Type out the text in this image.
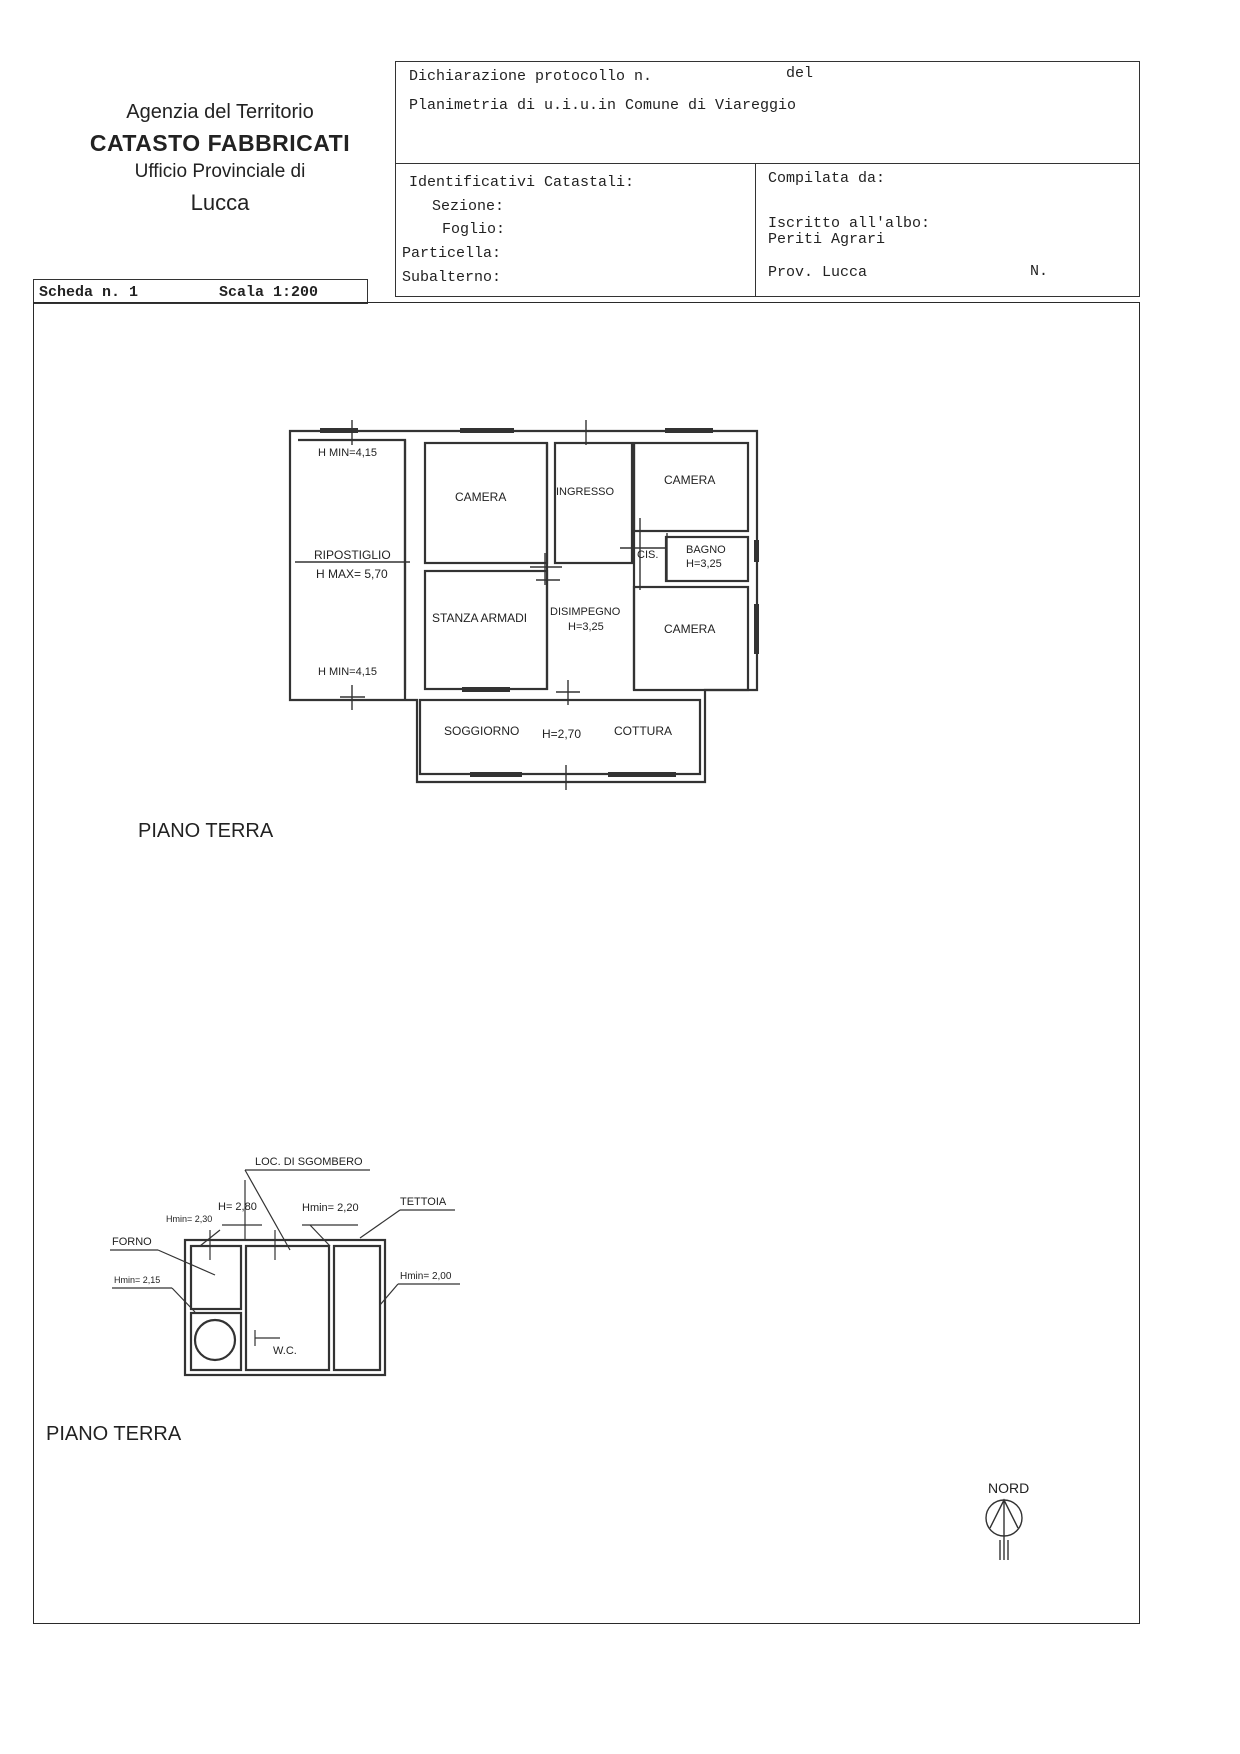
Agenzia del Territorio
CATASTO FABBRICATI
Ufficio Provinciale di
Lucca
Dichiarazione protocollo n.	del
Planimetria di u.i.u.in Comune di Viareggio
Identificativi Catastali:
Sezione:
Foglio:
Particella:
Subalterno:
Compilata da:
Iscritto all'albo:
Periti Agrari
Prov. Lucca	N.
Scheda n. 1	Scala 1:200
H MIN=4,15
RIPOSTIGLIO
H MAX= 5,70
H MIN=4,15
CAMERA	INGRESSO
CAMERA
CIS.	BAGNO
H=3,25
STANZA ARMADI DISIMPEGNO
H=3,25	CAMERA
SOGGIORNO H=2,70	COTTURA
LOC. DI SGOMBERO
H= 2,80
Hmin= 2,30
Hmin= 2,20	TETTOIA
FORNO
Hmin= 2,15	Hmin= 2,00
W.C.
PIANO TERRA
PIANO TERRA
NORD
